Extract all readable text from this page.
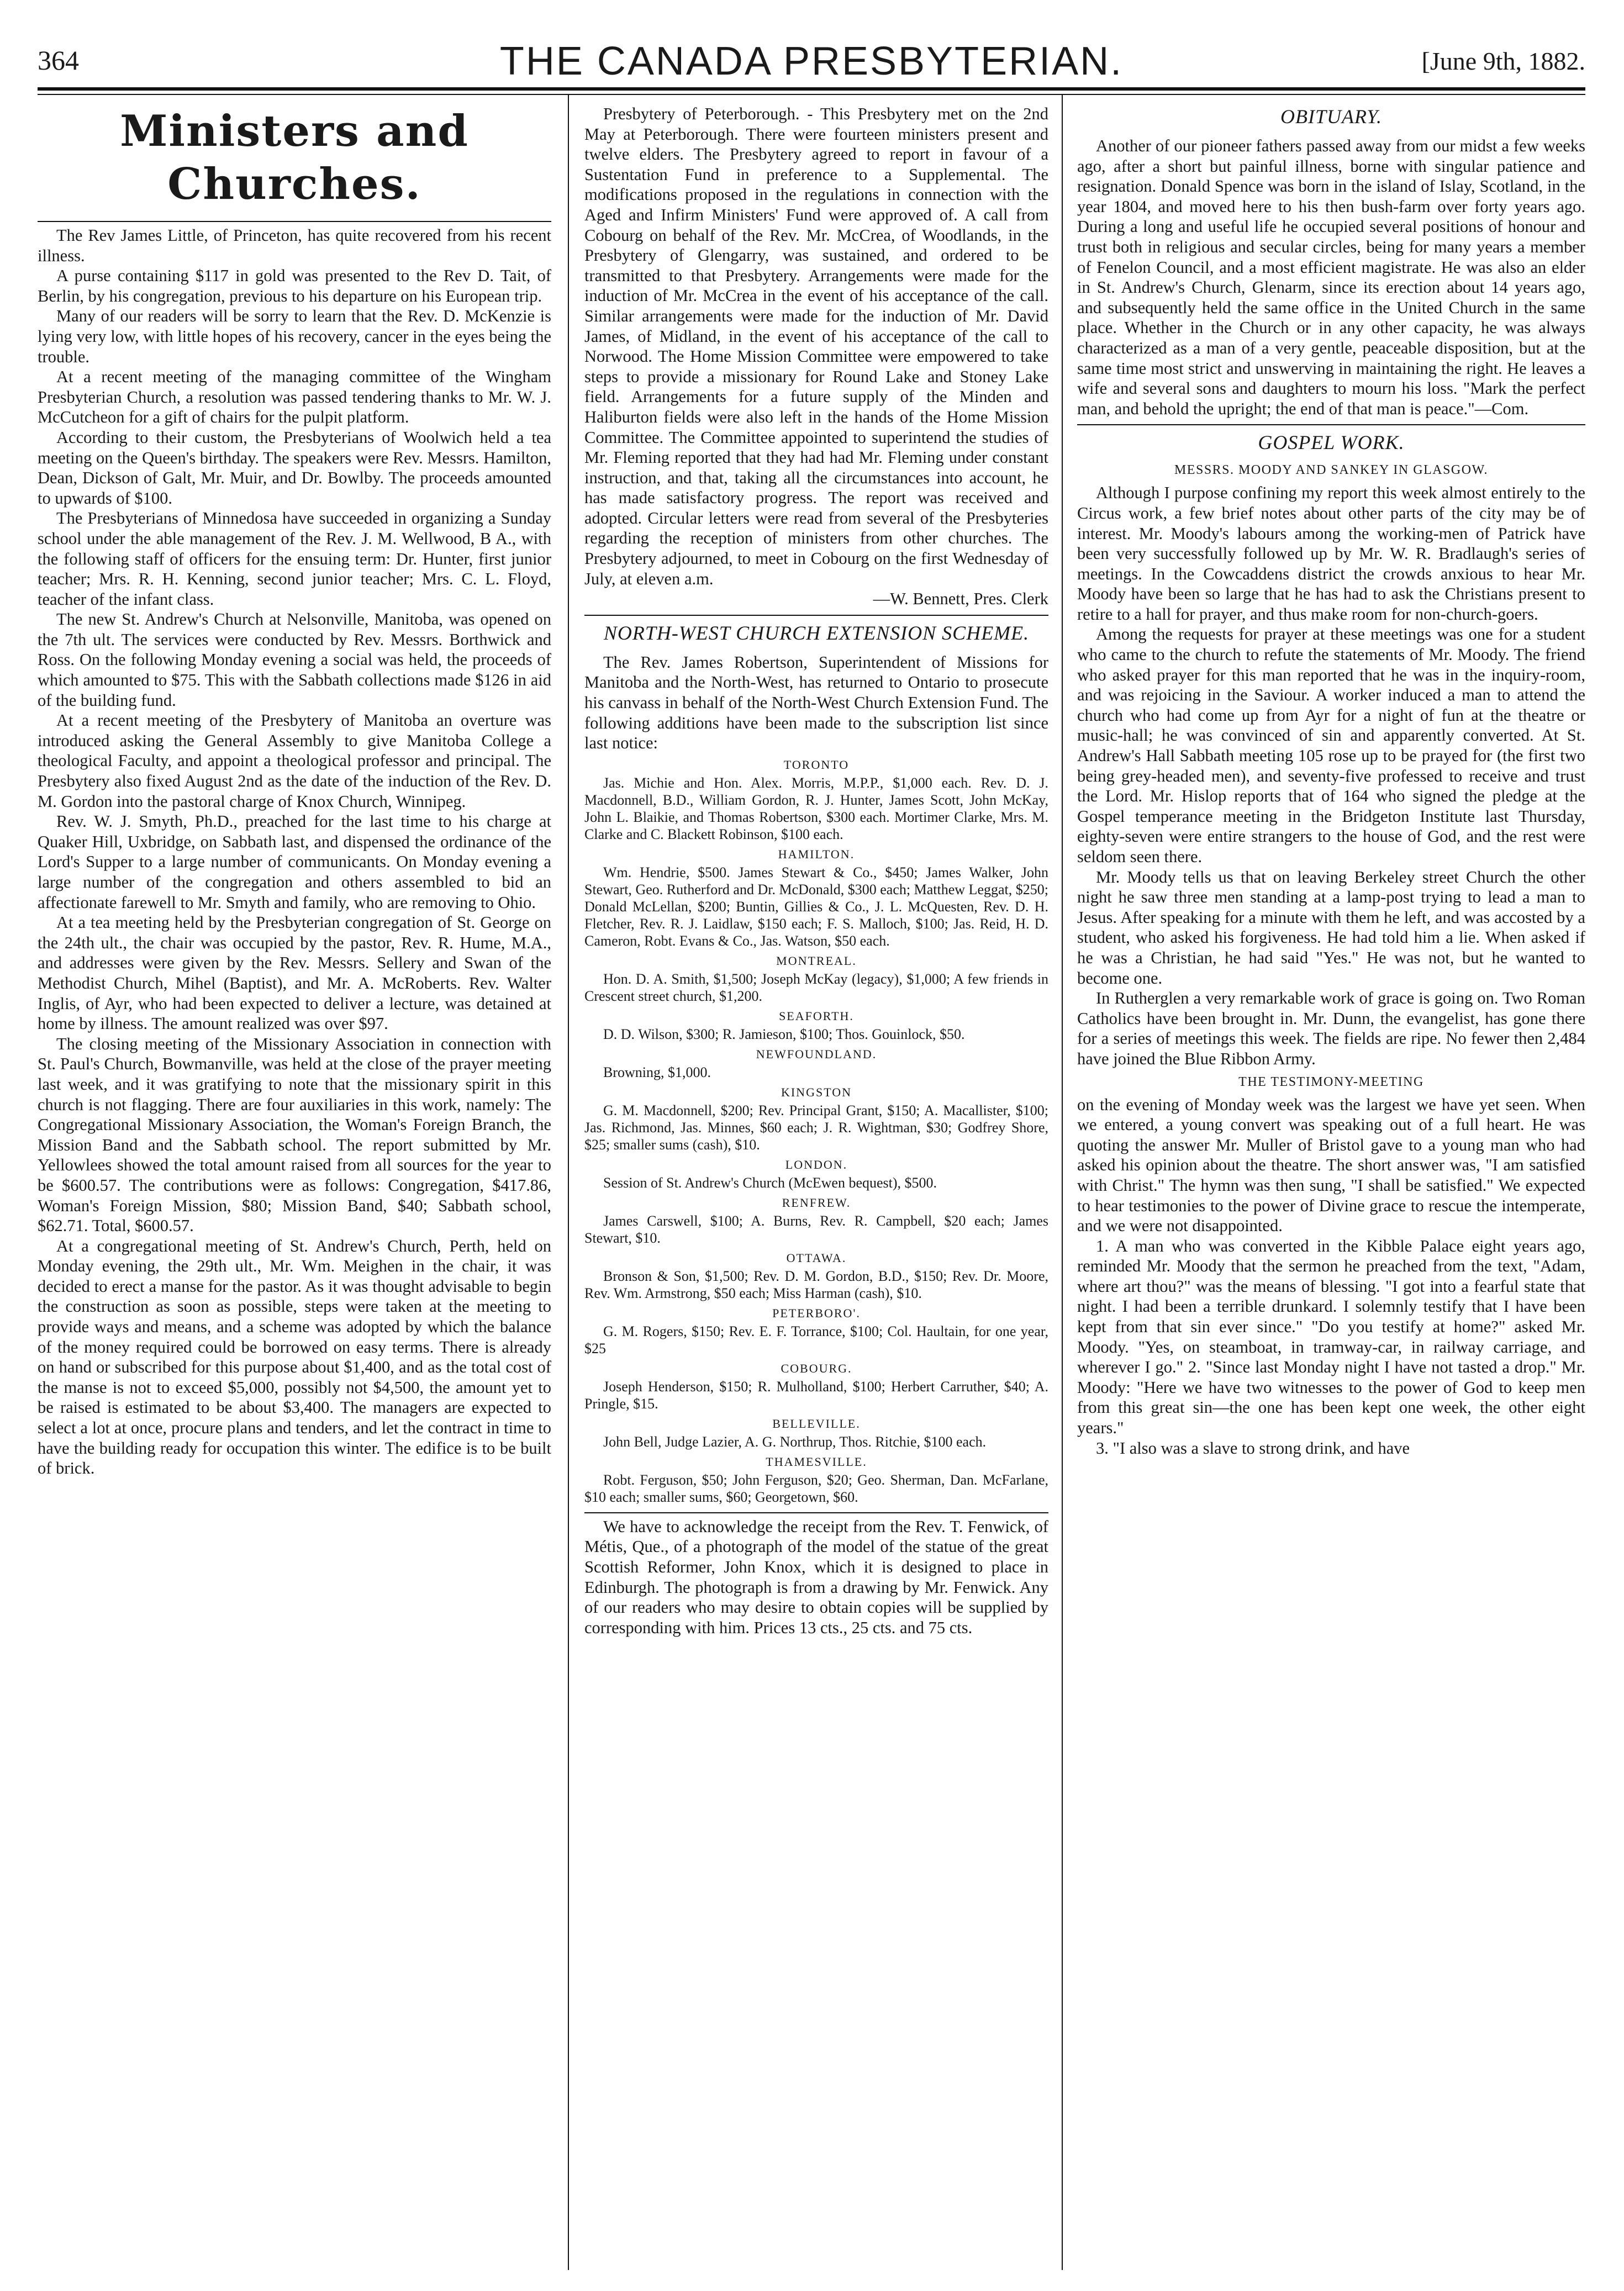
364	THE CANADA PRESBYTERIAN.	[June 9th, 1882.
Ministers and Churches.

The Rev James Little, of Princeton, has quite recovered from his recent illness.

A purse containing $117 in gold was presented to the Rev D. Tait, of Berlin, by his congregation, previous to his departure on his European trip.

Many of our readers will be sorry to learn that the Rev. D. McKenzie is lying very low, with little hopes of his recovery, cancer in the eyes being the trouble.

At a recent meeting of the managing committee of the Wingham Presbyterian Church, a resolution was passed tendering thanks to Mr. W. J. McCutcheon for a gift of chairs for the pulpit platform.

According to their custom, the Presbyterians of Woolwich held a tea meeting on the Queen's birthday. The speakers were Rev. Messrs. Hamilton, Dean, Dickson of Galt, Mr. Muir, and Dr. Bowlby. The proceeds amounted to upwards of $100.

The Presbyterians of Minnedosa have succeeded in organizing a Sunday school under the able management of the Rev. J. M. Wellwood, B A., with the following staff of officers for the ensuing term: Dr. Hunter, first junior teacher; Mrs. R. H. Kenning, second junior teacher; Mrs. C. L. Floyd, teacher of the infant class.

The new St. Andrew's Church at Nelsonville, Manitoba, was opened on the 7th ult. The services were conducted by Rev. Messrs. Borthwick and Ross. On the following Monday evening a social was held, the proceeds of which amounted to $75. This with the Sabbath collections made $126 in aid of the building fund.

At a recent meeting of the Presbytery of Manitoba an overture was introduced asking the General Assembly to give Manitoba College a theological Faculty, and appoint a theological professor and principal. The Presbytery also fixed August 2nd as the date of the induction of the Rev. D. M. Gordon into the pastoral charge of Knox Church, Winnipeg.

Rev. W. J. Smyth, Ph.D., preached for the last time to his charge at Quaker Hill, Uxbridge, on Sabbath last, and dispensed the ordinance of the Lord's Supper to a large number of communicants. On Monday evening a large number of the congregation and others assembled to bid an affectionate farewell to Mr. Smyth and family, who are removing to Ohio.

At a tea meeting held by the Presbyterian congregation of St. George on the 24th ult., the chair was occupied by the pastor, Rev. R. Hume, M.A., and addresses were given by the Rev. Messrs. Sellery and Swan of the Methodist Church, Mihel (Baptist), and Mr. A. McRoberts. Rev. Walter Inglis, of Ayr, who had been expected to deliver a lecture, was detained at home by illness. The amount realized was over $97.

The closing meeting of the Missionary Association in connection with St. Paul's Church, Bowmanville, was held at the close of the prayer meeting last week, and it was gratifying to note that the missionary spirit in this church is not flagging. There are four auxiliaries in this work, namely: The Congregational Missionary Association, the Woman's Foreign Branch, the Mission Band and the Sabbath school. The report submitted by Mr. Yellowlees showed the total amount raised from all sources for the year to be $600.57. The contributions were as follows: Congregation, $417.86, Woman's Foreign Mission, $80; Mission Band, $40; Sabbath school, $62.71. Total, $600.57.

At a congregational meeting of St. Andrew's Church, Perth, held on Monday evening, the 29th ult., Mr. Wm. Meighen in the chair, it was decided to erect a manse for the pastor. As it was thought advisable to begin the construction as soon as possible, steps were taken at the meeting to provide ways and means, and a scheme was adopted by which the balance of the money required could be borrowed on easy terms. There is already on hand or subscribed for this purpose about $1,400, and as the total cost of the manse is not to exceed $5,000, possibly not $4,500, the amount yet to be raised is estimated to be about $3,400. The managers are expected to select a lot at once, procure plans and tenders, and let the contract in time to have the building ready for occupation this winter. The edifice is to be built of brick.

Presbytery of Peterborough. - This Presbytery met on the 2nd May at Peterborough. There were fourteen ministers present and twelve elders. The Presbytery agreed to report in favour of a Sustentation Fund in preference to a Supplemental. The modifications proposed in the regulations in connection with the Aged and Infirm Ministers' Fund were approved of. A call from Cobourg on behalf of the Rev. Mr. McCrea, of Woodlands, in the Presbytery of Glengarry, was sustained, and ordered to be transmitted to that Presbytery. Arrangements were made for the induction of Mr. McCrea in the event of his acceptance of the call. Similar arrangements were made for the induction of Mr. David James, of Midland, in the event of his acceptance of the call to Norwood. The Home Mission Committee were empowered to take steps to provide a missionary for Round Lake and Stoney Lake field. Arrangements for a future supply of the Minden and Haliburton fields were also left in the hands of the Home Mission Committee. The Committee appointed to superintend the studies of Mr. Fleming reported that they had had Mr. Fleming under constant instruction, and that, taking all the circumstances into account, he has made satisfactory progress. The report was received and adopted. Circular letters were read from several of the Presbyteries regarding the reception of ministers from other churches. The Presbytery adjourned, to meet in Cobourg on the first Wednesday of July, at eleven a.m.

—W. Bennett, Pres. Clerk

NORTH-WEST CHURCH EXTENSION SCHEME.

The Rev. James Robertson, Superintendent of Missions for Manitoba and the North-West, has returned to Ontario to prosecute his canvass in behalf of the North-West Church Extension Fund. The following additions have been made to the subscription list since last notice:

TORONTO

Jas. Michie and Hon. Alex. Morris, M.P.P., $1,000 each. Rev. D. J. Macdonnell, B.D., William Gordon, R. J. Hunter, James Scott, John McKay, John L. Blaikie, and Thomas Robertson, $300 each. Mortimer Clarke, Mrs. M. Clarke and C. Blackett Robinson, $100 each.

HAMILTON.

Wm. Hendrie, $500. James Stewart & Co., $450; James Walker, John Stewart, Geo. Rutherford and Dr. McDonald, $300 each; Matthew Leggat, $250; Donald McLellan, $200; Buntin, Gillies & Co., J. L. McQuesten, Rev. D. H. Fletcher, Rev. R. J. Laidlaw, $150 each; F. S. Malloch, $100; Jas. Reid, H. D. Cameron, Robt. Evans & Co., Jas. Watson, $50 each.

MONTREAL.

Hon. D. A. Smith, $1,500; Joseph McKay (legacy), $1,000; A few friends in Crescent street church, $1,200.

SEAFORTH.

D. D. Wilson, $300; R. Jamieson, $100; Thos. Gouinlock, $50.

NEWFOUNDLAND.

Browning, $1,000.

KINGSTON

G. M. Macdonnell, $200; Rev. Principal Grant, $150; A. Macallister, $100; Jas. Richmond, Jas. Minnes, $60 each; J. R. Wightman, $30; Godfrey Shore, $25; smaller sums (cash), $10.

LONDON.

Session of St. Andrew's Church (McEwen bequest), $500.

RENFREW.

James Carswell, $100; A. Burns, Rev. R. Campbell, $20 each; James Stewart, $10.

OTTAWA.

Bronson & Son, $1,500; Rev. D. M. Gordon, B.D., $150; Rev. Dr. Moore, Rev. Wm. Armstrong, $50 each; Miss Harman (cash), $10.

PETERBORO'.

G. M. Rogers, $150; Rev. E. F. Torrance, $100; Col. Haultain, for one year, $25

COBOURG.

Joseph Henderson, $150; R. Mulholland, $100; Herbert Carruther, $40; A. Pringle, $15.

BELLEVILLE.

John Bell, Judge Lazier, A. G. Northrup, Thos. Ritchie, $100 each.

THAMESVILLE.

Robt. Ferguson, $50; John Ferguson, $20; Geo. Sherman, Dan. McFarlane, $10 each; smaller sums, $60; Georgetown, $60.

We have to acknowledge the receipt from the Rev. T. Fenwick, of Métis, Que., of a photograph of the model of the statue of the great Scottish Reformer, John Knox, which it is designed to place in Edinburgh. The photograph is from a drawing by Mr. Fenwick. Any of our readers who may desire to obtain copies will be supplied by corresponding with him. Prices 13 cts., 25 cts. and 75 cts.

OBITUARY.

Another of our pioneer fathers passed away from our midst a few weeks ago, after a short but painful illness, borne with singular patience and resignation. Donald Spence was born in the island of Islay, Scotland, in the year 1804, and moved here to his then bush-farm over forty years ago. During a long and useful life he occupied several positions of honour and trust both in religious and secular circles, being for many years a member of Fenelon Council, and a most efficient magistrate. He was also an elder in St. Andrew's Church, Glenarm, since its erection about 14 years ago, and subsequently held the same office in the United Church in the same place. Whether in the Church or in any other capacity, he was always characterized as a man of a very gentle, peaceable disposition, but at the same time most strict and unswerving in maintaining the right. He leaves a wife and several sons and daughters to mourn his loss. "Mark the perfect man, and behold the upright; the end of that man is peace."—Com.

GOSPEL WORK.
MESSRS. MOODY AND SANKEY IN GLASGOW.

Although I purpose confining my report this week almost entirely to the Circus work, a few brief notes about other parts of the city may be of interest. Mr. Moody's labours among the working-men of Patrick have been very successfully followed up by Mr. W. R. Bradlaugh's series of meetings. In the Cowcaddens district the crowds anxious to hear Mr. Moody have been so large that he has had to ask the Christians present to retire to a hall for prayer, and thus make room for non-church-goers.

Among the requests for prayer at these meetings was one for a student who came to the church to refute the statements of Mr. Moody. The friend who asked prayer for this man reported that he was in the inquiry-room, and was rejoicing in the Saviour. A worker induced a man to attend the church who had come up from Ayr for a night of fun at the theatre or music-hall; he was convinced of sin and apparently converted. At St. Andrew's Hall Sabbath meeting 105 rose up to be prayed for (the first two being grey-headed men), and seventy-five professed to receive and trust the Lord. Mr. Hislop reports that of 164 who signed the pledge at the Gospel temperance meeting in the Bridgeton Institute last Thursday, eighty-seven were entire strangers to the house of God, and the rest were seldom seen there.

Mr. Moody tells us that on leaving Berkeley street Church the other night he saw three men standing at a lamp-post trying to lead a man to Jesus. After speaking for a minute with them he left, and was accosted by a student, who asked his forgiveness. He had told him a lie. When asked if he was a Christian, he had said "Yes." He was not, but he wanted to become one.

In Rutherglen a very remarkable work of grace is going on. Two Roman Catholics have been brought in. Mr. Dunn, the evangelist, has gone there for a series of meetings this week. The fields are ripe. No fewer then 2,484 have joined the Blue Ribbon Army.

THE TESTIMONY-MEETING

on the evening of Monday week was the largest we have yet seen. When we entered, a young convert was speaking out of a full heart. He was quoting the answer Mr. Muller of Bristol gave to a young man who had asked his opinion about the theatre. The short answer was, "I am satisfied with Christ." The hymn was then sung, "I shall be satisfied." We expected to hear testimonies to the power of Divine grace to rescue the intemperate, and we were not disappointed.

1. A man who was converted in the Kibble Palace eight years ago, reminded Mr. Moody that the sermon he preached from the text, "Adam, where art thou?" was the means of blessing. "I got into a fearful state that night. I had been a terrible drunkard. I solemnly testify that I have been kept from that sin ever since." "Do you testify at home?" asked Mr. Moody. "Yes, on steamboat, in tramway-car, in railway carriage, and wherever I go." 2. "Since last Monday night I have not tasted a drop." Mr. Moody: "Here we have two witnesses to the power of God to keep men from this great sin—the one has been kept one week, the other eight years."

3. "I also was a slave to strong drink, and have
